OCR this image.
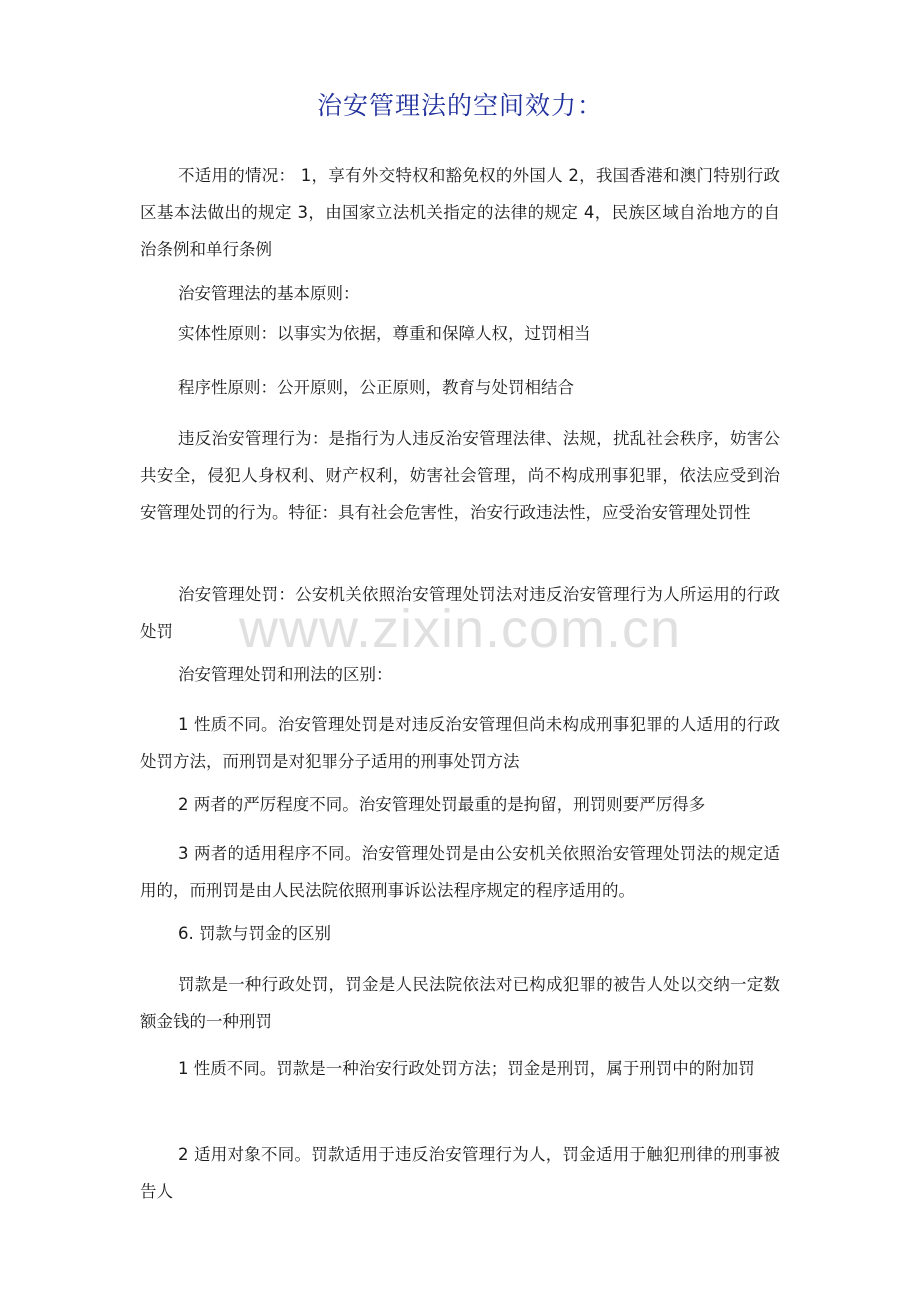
治安管理法的空间效力：

不适用的情况： 1，享有外交特权和豁免权的外国人 2，我国香港和澳门特别行政区基本法做出的规定 3，由国家立法机关指定的法律的规定 4，民族区域自治地方的自治条例和单行条例

治安管理法的基本原则：

实体性原则：以事实为依据，尊重和保障人权，过罚相当

程序性原则：公开原则，公正原则，教育与处罚相结合

违反治安管理行为：是指行为人违反治安管理法律、法规，扰乱社会秩序，妨害公共安全，侵犯人身权利、财产权利，妨害社会管理，尚不构成刑事犯罪，依法应受到治安管理处罚的行为。特征：具有社会危害性，治安行政违法性，应受治安管理处罚性

治安管理处罚：公安机关依照治安管理处罚法对违反治安管理行为人所运用的行政处罚

治安管理处罚和刑法的区别：

1 性质不同。治安管理处罚是对违反治安管理但尚未构成刑事犯罪的人适用的行政处罚方法，而刑罚是对犯罪分子适用的刑事处罚方法

2 两者的严厉程度不同。治安管理处罚最重的是拘留，刑罚则要严厉得多

3 两者的适用程序不同。治安管理处罚是由公安机关依照治安管理处罚法的规定适用的，而刑罚是由人民法院依照刑事诉讼法程序规定的程序适用的。

6. 罚款与罚金的区别

罚款是一种行政处罚，罚金是人民法院依法对已构成犯罪的被告人处以交纳一定数额金钱的一种刑罚

1 性质不同。罚款是一种治安行政处罚方法；罚金是刑罚，属于刑罚中的附加罚

2 适用对象不同。罚款适用于违反治安管理行为人，罚金适用于触犯刑律的刑事被告人

www.zixin.com.cn
